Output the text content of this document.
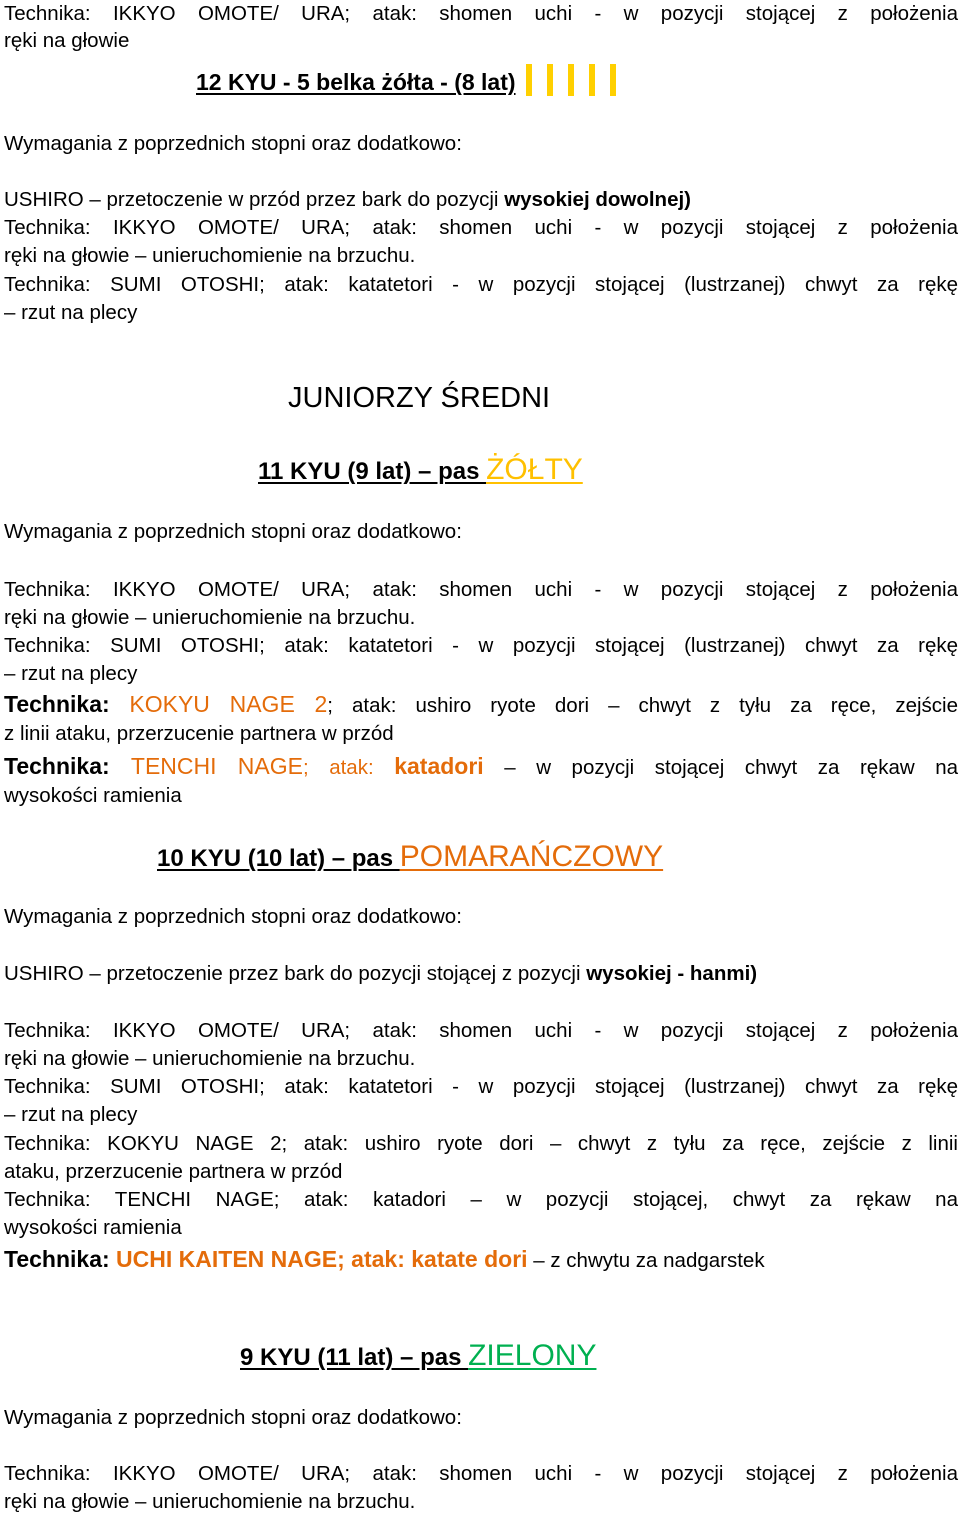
Technika: IKKYO OMOTE/ URA; atak: shomen uchi - w pozycji stojącej z położenia
ręki na głowie
12 KYU - 5 belka żółta - (8 lat)
Wymagania z poprzednich stopni oraz dodatkowo:
USHIRO – przetoczenie w przód przez bark do pozycji wysokiej dowolnej)
Technika: IKKYO OMOTE/ URA; atak: shomen uchi - w pozycji stojącej z położenia
ręki na głowie – unieruchomienie na brzuchu.
Technika: SUMI OTOSHI; atak: katatetori - w pozycji stojącej (lustrzanej) chwyt za rękę
– rzut na plecy
JUNIORZY ŚREDNI
11 KYU (9 lat) – pas ŻÓŁTY
Wymagania z poprzednich stopni oraz dodatkowo:
Technika: IKKYO OMOTE/ URA; atak: shomen uchi - w pozycji stojącej z położenia
ręki na głowie – unieruchomienie na brzuchu.
Technika: SUMI OTOSHI; atak: katatetori - w pozycji stojącej (lustrzanej) chwyt za rękę
– rzut na plecy
Technika: KOKYU NAGE 2; atak: ushiro ryote dori – chwyt z tyłu za ręce, zejście
z linii ataku, przerzucenie partnera w przód
Technika: TENCHI NAGE; atak: katadori – w pozycji stojącej chwyt za rękaw na
wysokości ramienia
10 KYU (10 lat) – pas POMARAŃCZOWY
Wymagania z poprzednich stopni oraz dodatkowo:
USHIRO – przetoczenie przez bark do pozycji stojącej z pozycji wysokiej - hanmi)
Technika: IKKYO OMOTE/ URA; atak: shomen uchi - w pozycji stojącej z położenia
ręki na głowie – unieruchomienie na brzuchu.
Technika: SUMI OTOSHI; atak: katatetori - w pozycji stojącej (lustrzanej) chwyt za rękę
– rzut na plecy
Technika: KOKYU NAGE 2; atak: ushiro ryote dori – chwyt z tyłu za ręce, zejście z linii
ataku, przerzucenie partnera w przód
Technika: TENCHI NAGE; atak: katadori – w pozycji stojącej, chwyt za rękaw na
wysokości ramienia
Technika: UCHI KAITEN NAGE; atak: katate dori – z chwytu za nadgarstek
9 KYU (11 lat) – pas ZIELONY
Wymagania z poprzednich stopni oraz dodatkowo:
Technika: IKKYO OMOTE/ URA; atak: shomen uchi - w pozycji stojącej z położenia
ręki na głowie – unieruchomienie na brzuchu.
